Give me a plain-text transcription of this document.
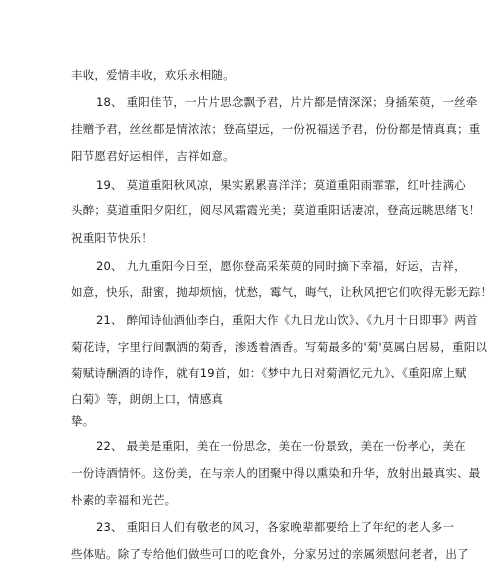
丰收，爱情丰收，欢乐永相随。
18、 重阳佳节，一片片思念飘予君，片片都是情深深；身插茱萸，一丝牵
挂赠予君，丝丝都是情浓浓；登高望远，一份祝福送予君，份份都是情真真；重
阳节愿君好运相伴，吉祥如意。
19、 莫道重阳秋风凉，果实累累喜洋洋；莫道重阳雨霏霏，红叶挂满心
头醉；莫道重阳夕阳红，阅尽风霜霞光美；莫道重阳话凄凉，登高远眺思绪飞！
祝重阳节快乐！
20、 九九重阳今日至，愿你登高采茱萸的同时摘下幸福，好运，吉祥，
如意，快乐，甜蜜，抛却烦恼，忧愁，霉气，晦气，让秋风把它们吹得无影无踪！
21、 醉闻诗仙酒仙李白，重阳大作《九日龙山饮》、《九月十日即事》两首
菊花诗，字里行间飘洒的菊香，渗透着酒香。写菊最多的'菊'莫属白居易，重阳以
菊赋诗酬酒的诗作，就有19首，如：《梦中九日对菊酒忆元九》、《重阳席上赋
白菊》等，朗朗上口，情感真
挚。
22、 最美是重阳，美在一份思念，美在一份景致，美在一份孝心，美在
一份诗酒情怀。这份美，在与亲人的团聚中得以熏染和升华，放射出最真实、最
朴素的幸福和光芒。
23、 重阳日人们有敬老的风习，各家晚辈都要给上了年纪的老人多一
些体贴。除了专给他们做些可口的吃食外，分家另过的亲属须慰问老者，出了
